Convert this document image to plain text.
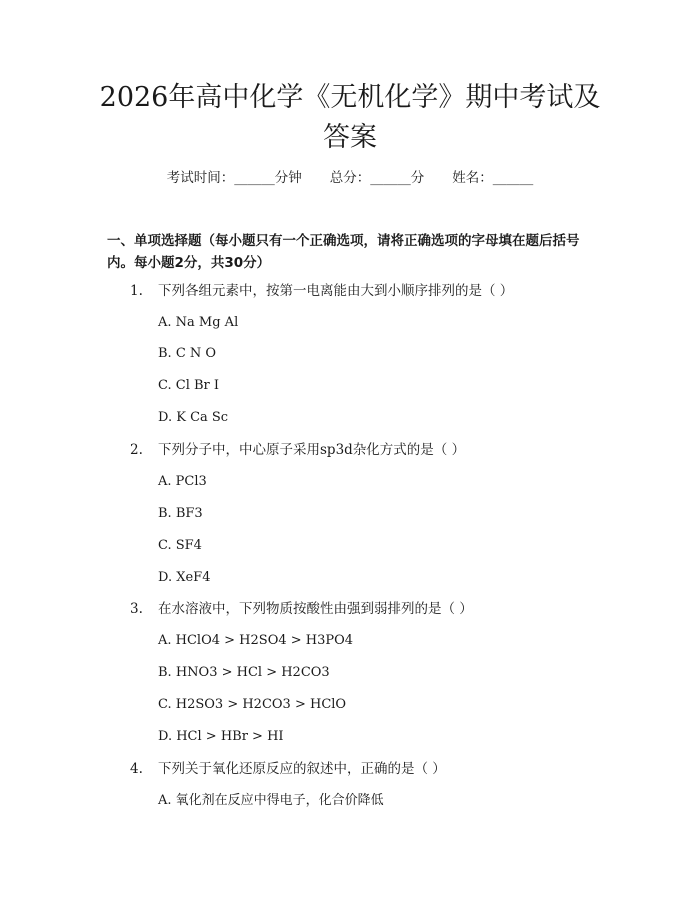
2026年高中化学《无机化学》期中考试及答案
考试时间：______分钟 总分：______分 姓名：______

一、单项选择题（每小题只有一个正确选项，请将正确选项的字母填在题后括号内。每小题2分，共30分）

1. 下列各组元素中，按第一电离能由大到小顺序排列的是（ ）
A. Na Mg Al
B. C N O
C. Cl Br I
D. K Ca Sc
2. 下列分子中，中心原子采用sp3d杂化方式的是（ ）
A. PCl3
B. BF3
C. SF4
D. XeF4
3. 在水溶液中，下列物质按酸性由强到弱排列的是（ ）
A. HClO4 > H2SO4 > H3PO4
B. HNO3 > HCl > H2CO3
C. H2SO3 > H2CO3 > HClO
D. HCl > HBr > HI
4. 下列关于氧化还原反应的叙述中，正确的是（ ）
A. 氧化剂在反应中得电子，化合价降低
